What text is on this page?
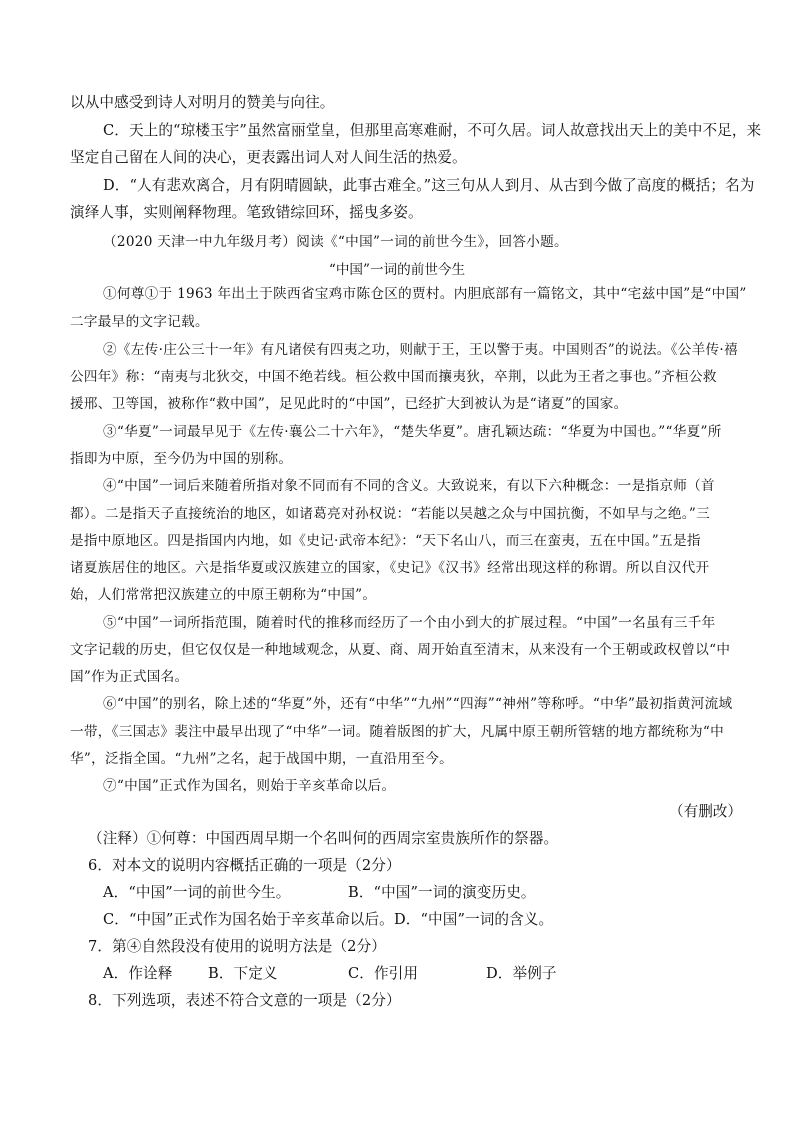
以从中感受到诗人对明月的赞美与向往。
C．天上的“琼楼玉宇”虽然富丽堂皇，但那里高寒难耐，不可久居。词人故意找出天上的美中不足，来
坚定自己留在人间的决心，更表露出词人对人间生活的热爱。
D．“人有悲欢离合，月有阴晴圆缺，此事古难全。”这三句从人到月、从古到今做了高度的概括；名为
演绎人事，实则阐释物理。笔致错综回环，摇曳多姿。
（2020 天津一中九年级月考）阅读《“中国”一词的前世今生》，回答小题。
“中国”一词的前世今生
①何尊①于 1963 年出土于陕西省宝鸡市陈仓区的贾村。内胆底部有一篇铭文，其中“宅兹中国”是“中国”
二字最早的文字记载。
②《左传·庄公三十一年》有凡诸侯有四夷之功，则献于王，王以警于夷。中国则否”的说法。《公羊传·禧
公四年》称：“南夷与北狄交，中国不绝若线。桓公救中国而攘夷狄，卒荆，以此为王者之事也。”齐桓公救
援邢、卫等国，被称作“救中国”，足见此时的“中国”，已经扩大到被认为是“诸夏”的国家。
③“华夏”一词最早见于《左传·襄公二十六年》，“楚失华夏”。唐孔颖达疏：“华夏为中国也。”“华夏”所
指即为中原，至今仍为中国的别称。
④“中国”一词后来随着所指对象不同而有不同的含义。大致说来，有以下六种概念：一是指京师（首
都）。二是指天子直接统治的地区，如诸葛亮对孙权说：“若能以吴越之众与中国抗衡，不如早与之绝。”三
是指中原地区。四是指国内内地，如《史记·武帝本纪》：“天下名山八，而三在蛮夷，五在中国。”五是指
诸夏族居住的地区。六是指华夏或汉族建立的国家，《史记》《汉书》经常出现这样的称谓。所以自汉代开
始，人们常常把汉族建立的中原王朝称为“中国”。
⑤“中国”一词所指范围，随着时代的推移而经历了一个由小到大的扩展过程。“中国”一名虽有三千年
文字记载的历史，但它仅仅是一种地域观念，从夏、商、周开始直至清末，从来没有一个王朝或政权曾以“中
国”作为正式国名。
⑥“中国”的别名，除上述的“华夏”外，还有“中华”“九州”“四海”“神州”等称呼。“中华”最初指黄河流域
一带，《三国志》裴注中最早出现了“中华”一词。随着版图的扩大，凡属中原王朝所管辖的地方都统称为“中
华”，泛指全国。“九州”之名，起于战国中期，一直沿用至今。
⑦“中国”正式作为国名，则始于辛亥革命以后。
（有删改）
（注释）①何尊：中国西周早期一个名叫何的西周宗室贵族所作的祭器。
6．对本文的说明内容概括正确的一项是（2分）
A．“中国”一词的前世今生。	B．“中国”一词的演变历史。
C．“中国”正式作为国名始于辛亥革命以后。 D．“中国”一词的含义。
7．第④自然段没有使用的说明方法是（2分）
A．作诠释 B．下定义	C．作引用	D．举例子
8．下列选项，表述不符合文意的一项是（2分）
